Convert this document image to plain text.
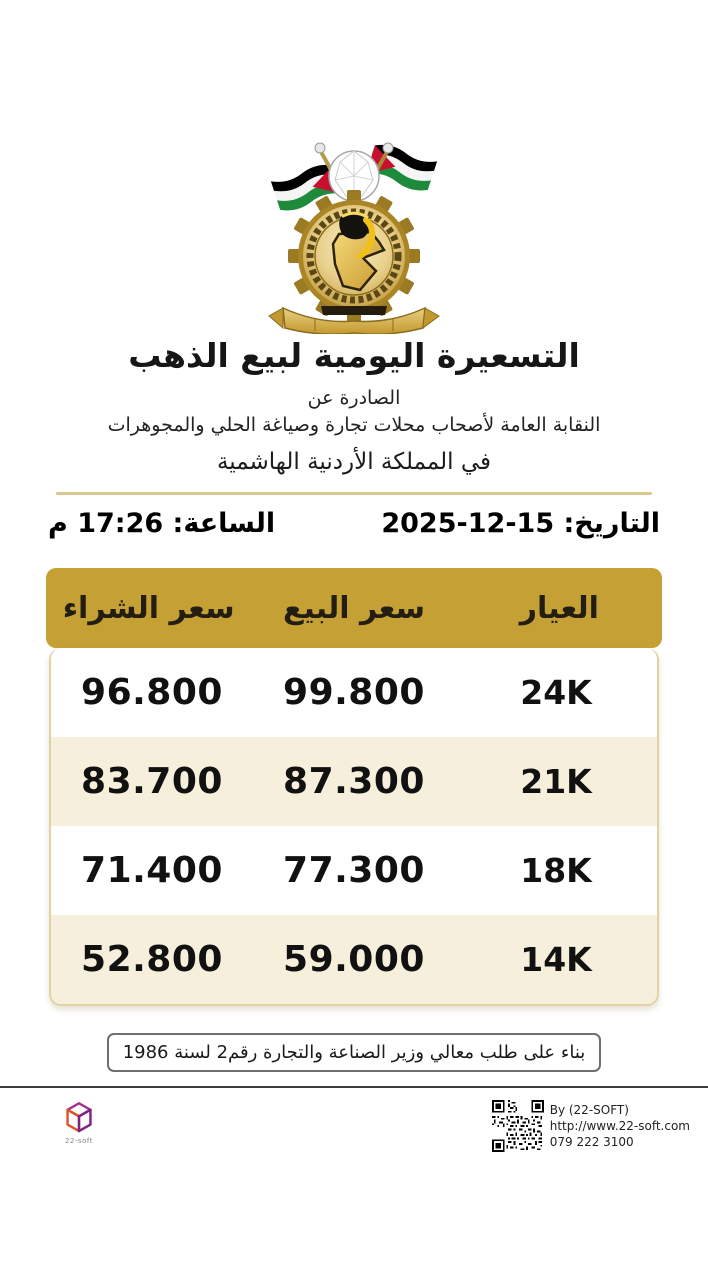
التسعيرة اليومية لبيع الذهب
الصادرة عن
النقابة العامة لأصحاب محلات تجارة وصياغة الحلي والمجوهرات
في المملكة الأردنية الهاشمية
التاريخ: 15-12-2025
الساعة: 17:26 م
العيار
سعر البيع
سعر الشراء
24K
99.800
96.800
21K
87.300
83.700
18K
77.300
71.400
14K
59.000
52.800
بناء على طلب معالي وزير الصناعة والتجارة رقم2 لسنة 1986
22-soft
By (22-SOFT)
http://www.22-soft.com
079 222 3100
